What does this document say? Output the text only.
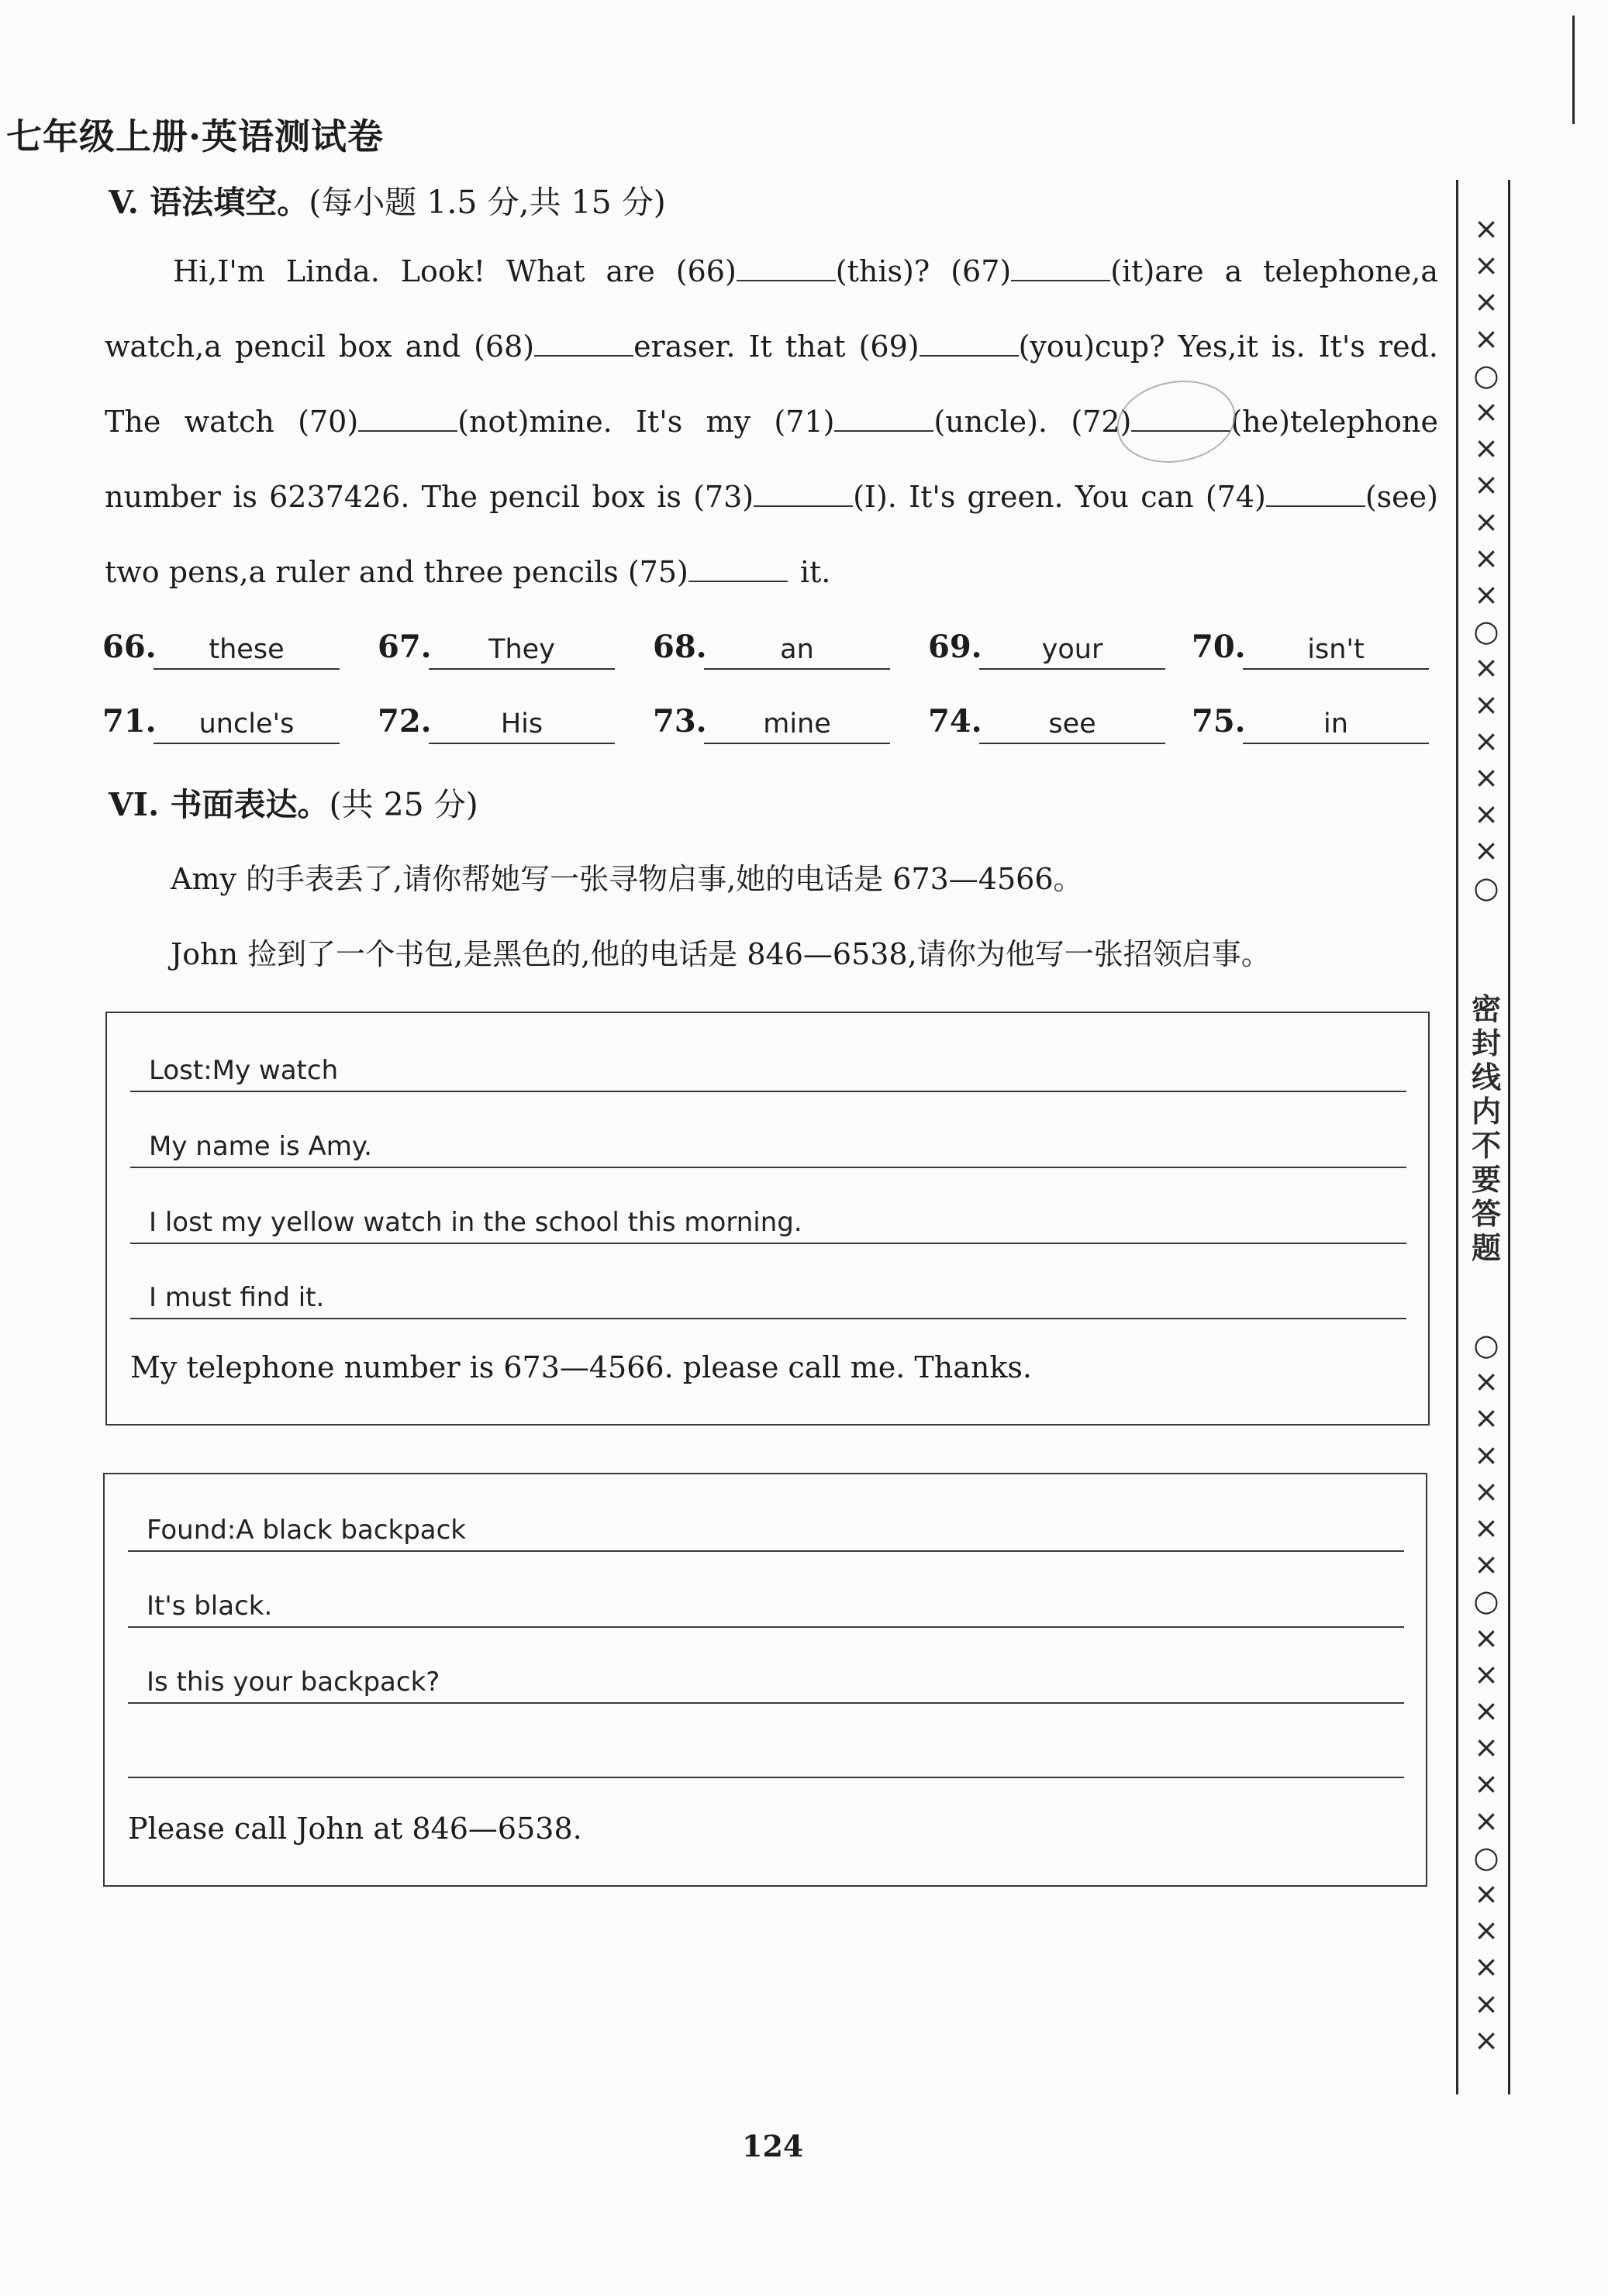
七年级上册·英语测试卷
V. 语法填空。(每小题 1.5 分,共 15 分)
Hi,I'm Linda. Look! What are (66)	(this)? (67)	(it)are a telephone,a
watch,a pencil box and (68)	eraser. It that (69)	(you)cup? Yes,it is. It's red.
The watch (70)	(not)mine. It's my (71)	(uncle). (72)	(he)telephone
number is 6237426. The pencil box is (73)	(I). It's green. You can (74)	(see)
two pens,a ruler and three pencils (75)	it.
66.	these	67.	They	68.	an	69.	your	70.	isn't
71.	uncle's	72.	His	73.	mine	74.	see	75.	in
VI. 书面表达。(共 25 分)
Amy 的手表丢了,请你帮她写一张寻物启事,她的电话是 673—4566。
John 捡到了一个书包,是黑色的,他的电话是 846—6538,请你为他写一张招领启事。
Lost:My watch
My name is Amy.
I lost my yellow watch in the school this morning.
I must find it.
My telephone number is 673—4566. please call me. Thanks.
Found:A black backpack
It's black.
Is this your backpack?
Please call John at 846—6538.
124
××××○××××××○××××××○
密封线内不要答题
○××××××○××××××○×××××
